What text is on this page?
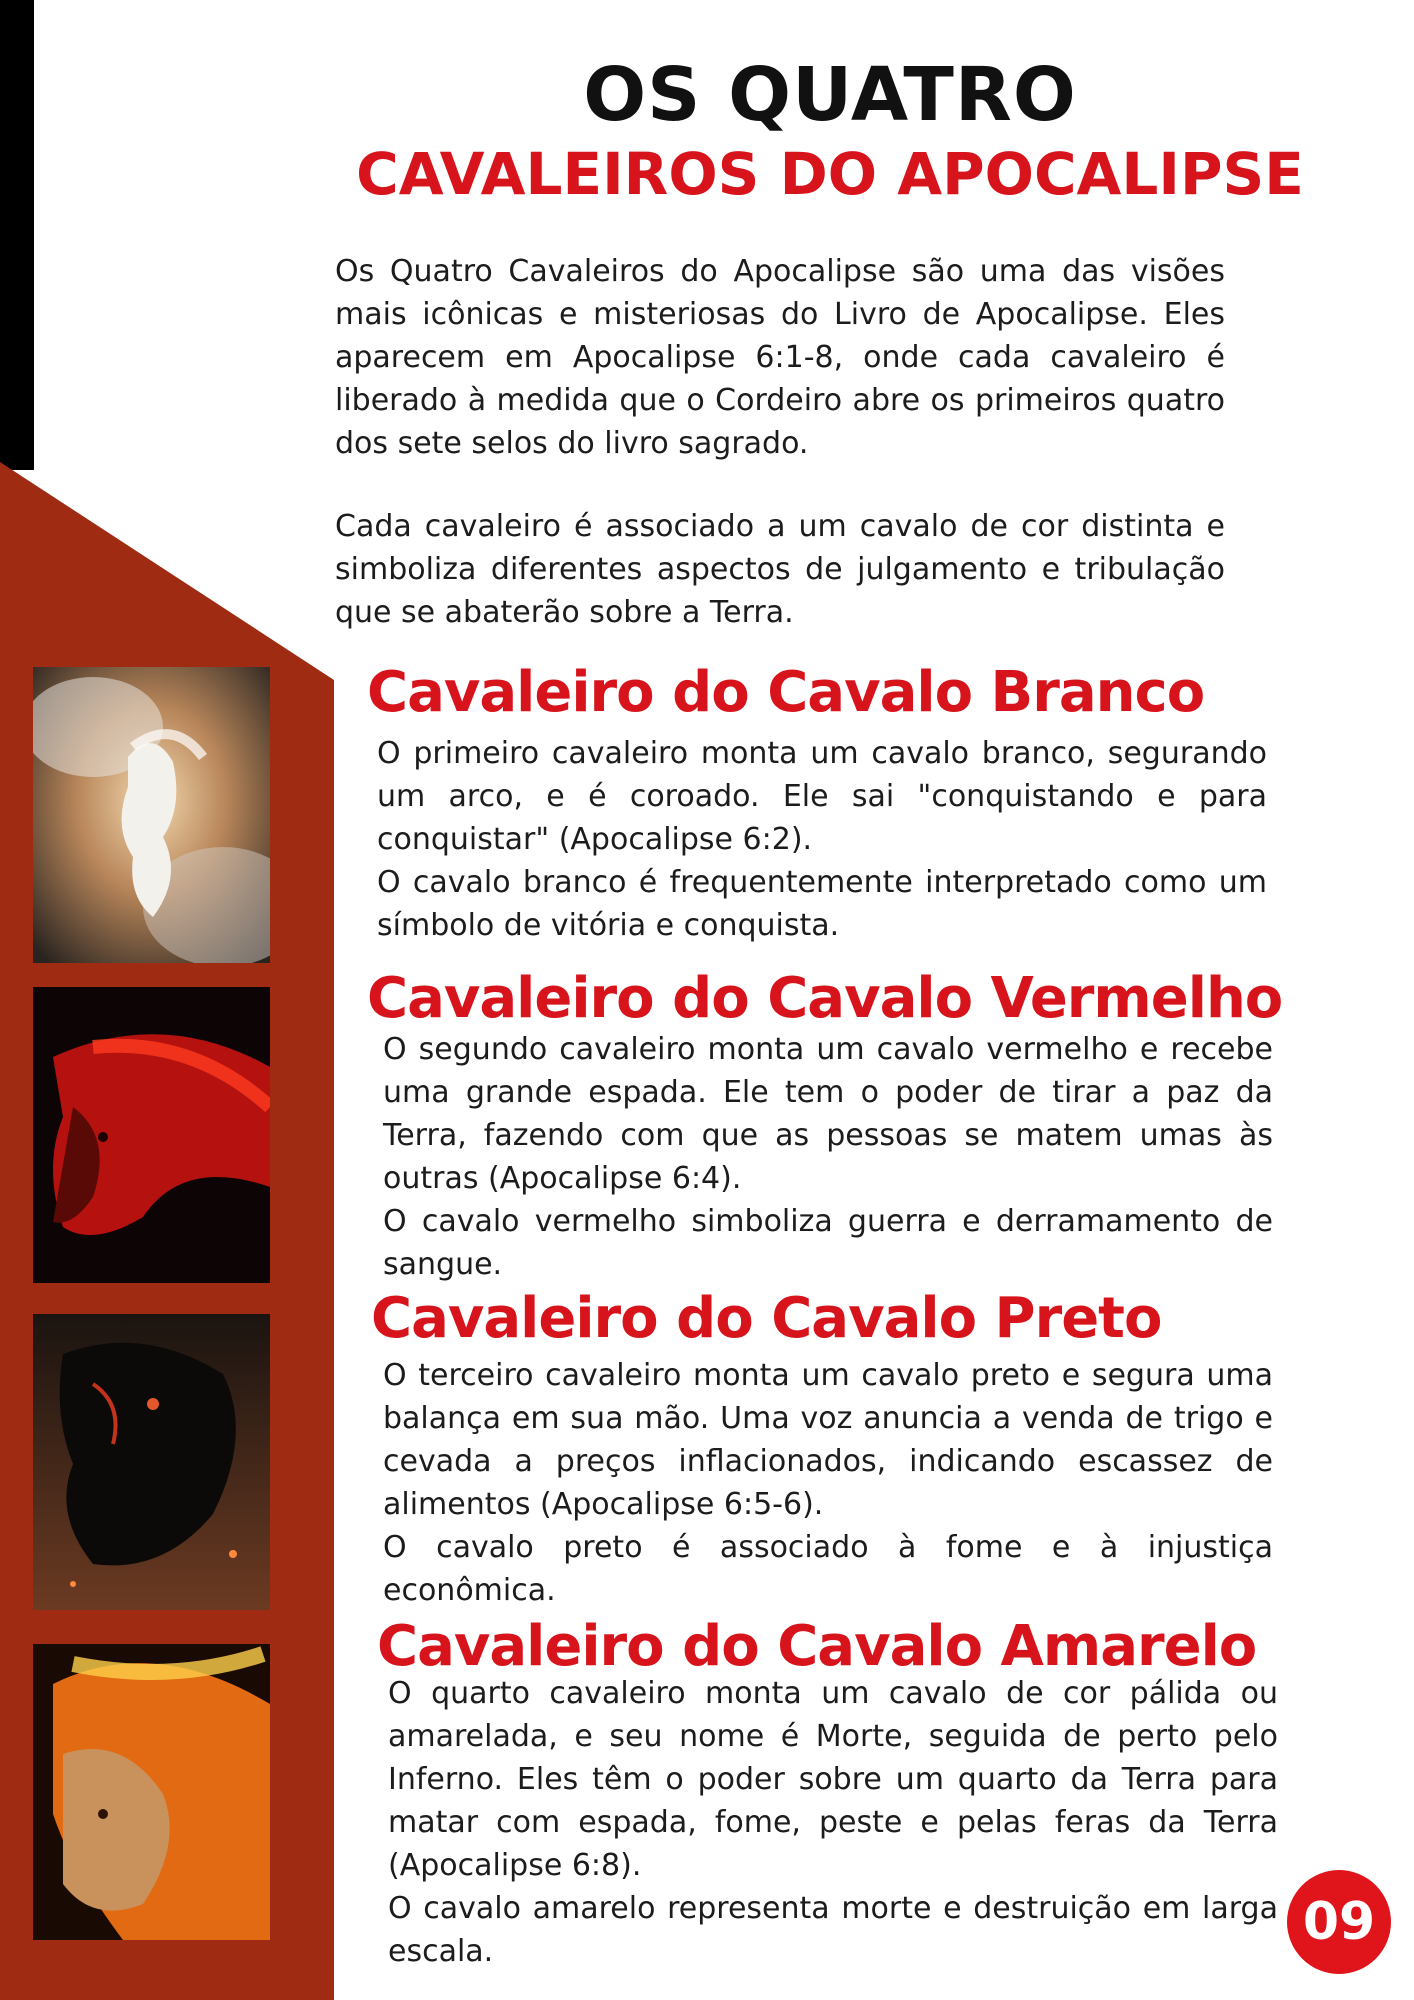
OS QUATRO
CAVALEIROS DO APOCALIPSE

Os Quatro Cavaleiros do Apocalipse são uma das visões mais icônicas e misteriosas do Livro de Apocalipse. Eles aparecem em Apocalipse 6:1-8, onde cada cavaleiro é liberado à medida que o Cordeiro abre os primeiros quatro dos sete selos do livro sagrado.

Cada cavaleiro é associado a um cavalo de cor distinta e simboliza diferentes aspectos de julgamento e tribulação que se abaterão sobre a Terra.

Cavaleiro do Cavalo Branco

O primeiro cavaleiro monta um cavalo branco, segurando um arco, e é coroado. Ele sai "conquistando e para conquistar" (Apocalipse 6:2).

O cavalo branco é frequentemente interpretado como um símbolo de vitória e conquista.

Cavaleiro do Cavalo Vermelho

O segundo cavaleiro monta um cavalo vermelho e recebe uma grande espada. Ele tem o poder de tirar a paz da Terra, fazendo com que as pessoas se matem umas às outras (Apocalipse 6:4).

O cavalo vermelho simboliza guerra e derramamento de sangue.

Cavaleiro do Cavalo Preto

O terceiro cavaleiro monta um cavalo preto e segura uma balança em sua mão. Uma voz anuncia a venda de trigo e cevada a preços inflacionados, indicando escassez de alimentos (Apocalipse 6:5-6).

O cavalo preto é associado à fome e à injustiça econômica.

Cavaleiro do Cavalo Amarelo

O quarto cavaleiro monta um cavalo de cor pálida ou amarelada, e seu nome é Morte, seguida de perto pelo Inferno. Eles têm o poder sobre um quarto da Terra para matar com espada, fome, peste e pelas feras da Terra (Apocalipse 6:8).

O cavalo amarelo representa morte e destruição em larga escala.	09
